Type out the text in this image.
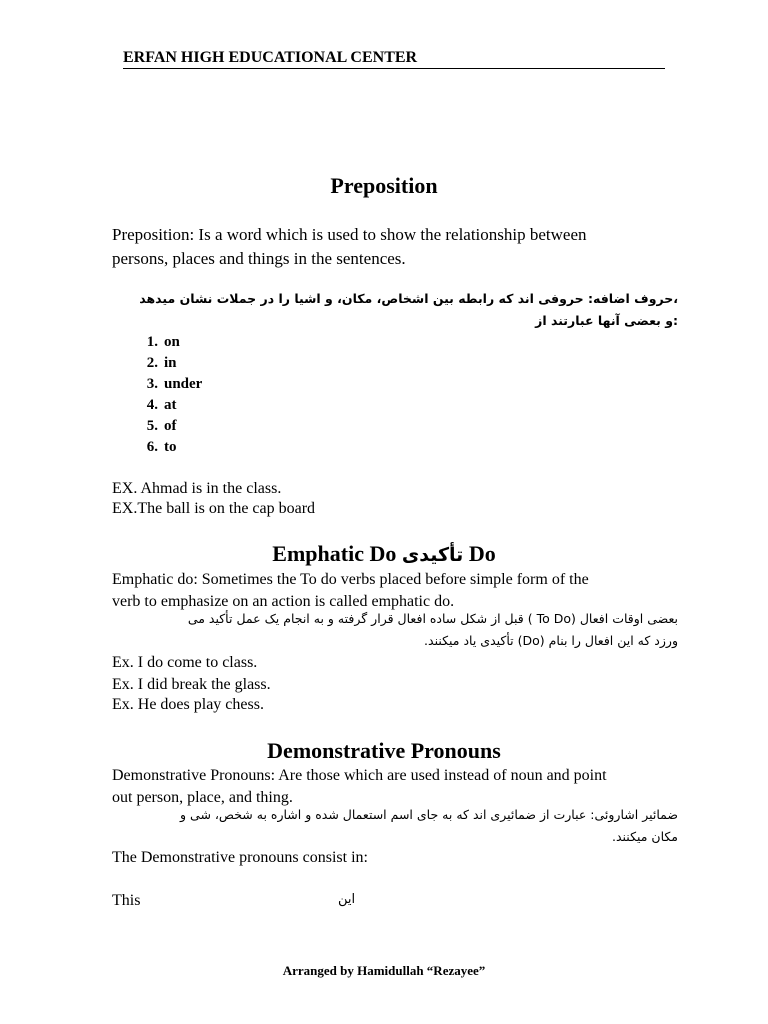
ERFAN HIGH EDUCATIONAL CENTER
Preposition
Preposition: Is a word which is used to show the relationship between
persons, places and things in the sentences.
،حروف اضافه: حروفی اند که رابطه بین اشخاص، مکان، و اشیا را در جملات نشان میدهد
:و بعضی آنها عبارتند از
1. on
2. in
3. under
4. at
5. of
6. to
EX. Ahmad is in the class.
EX.The ball is on the cap board
Emphatic Do تأکیدی Do
Emphatic do: Sometimes the To do verbs placed before simple form of the
verb to emphasize on an action is called emphatic do.
بعضی اوقات افعال (To Do ) قبل از شکل ساده افعال قرار گرفته و به انجام یک عمل تأکید می
ورزد که این افعال را بنام (Do) تأکیدی یاد میکنند.
Ex. I do come to class.
Ex. I did break the glass.
Ex. He does play chess.
Demonstrative Pronouns
Demonstrative Pronouns: Are those which are used instead of noun and point
out person, place, and thing.
ضمائیر اشاروئی: عبارت از ضمائیری اند که به جای اسم استعمال شده و اشاره به شخص، شی و
مکان میکنند.
The Demonstrative pronouns consist in:
This	این
Arranged by Hamidullah “Rezayee”
